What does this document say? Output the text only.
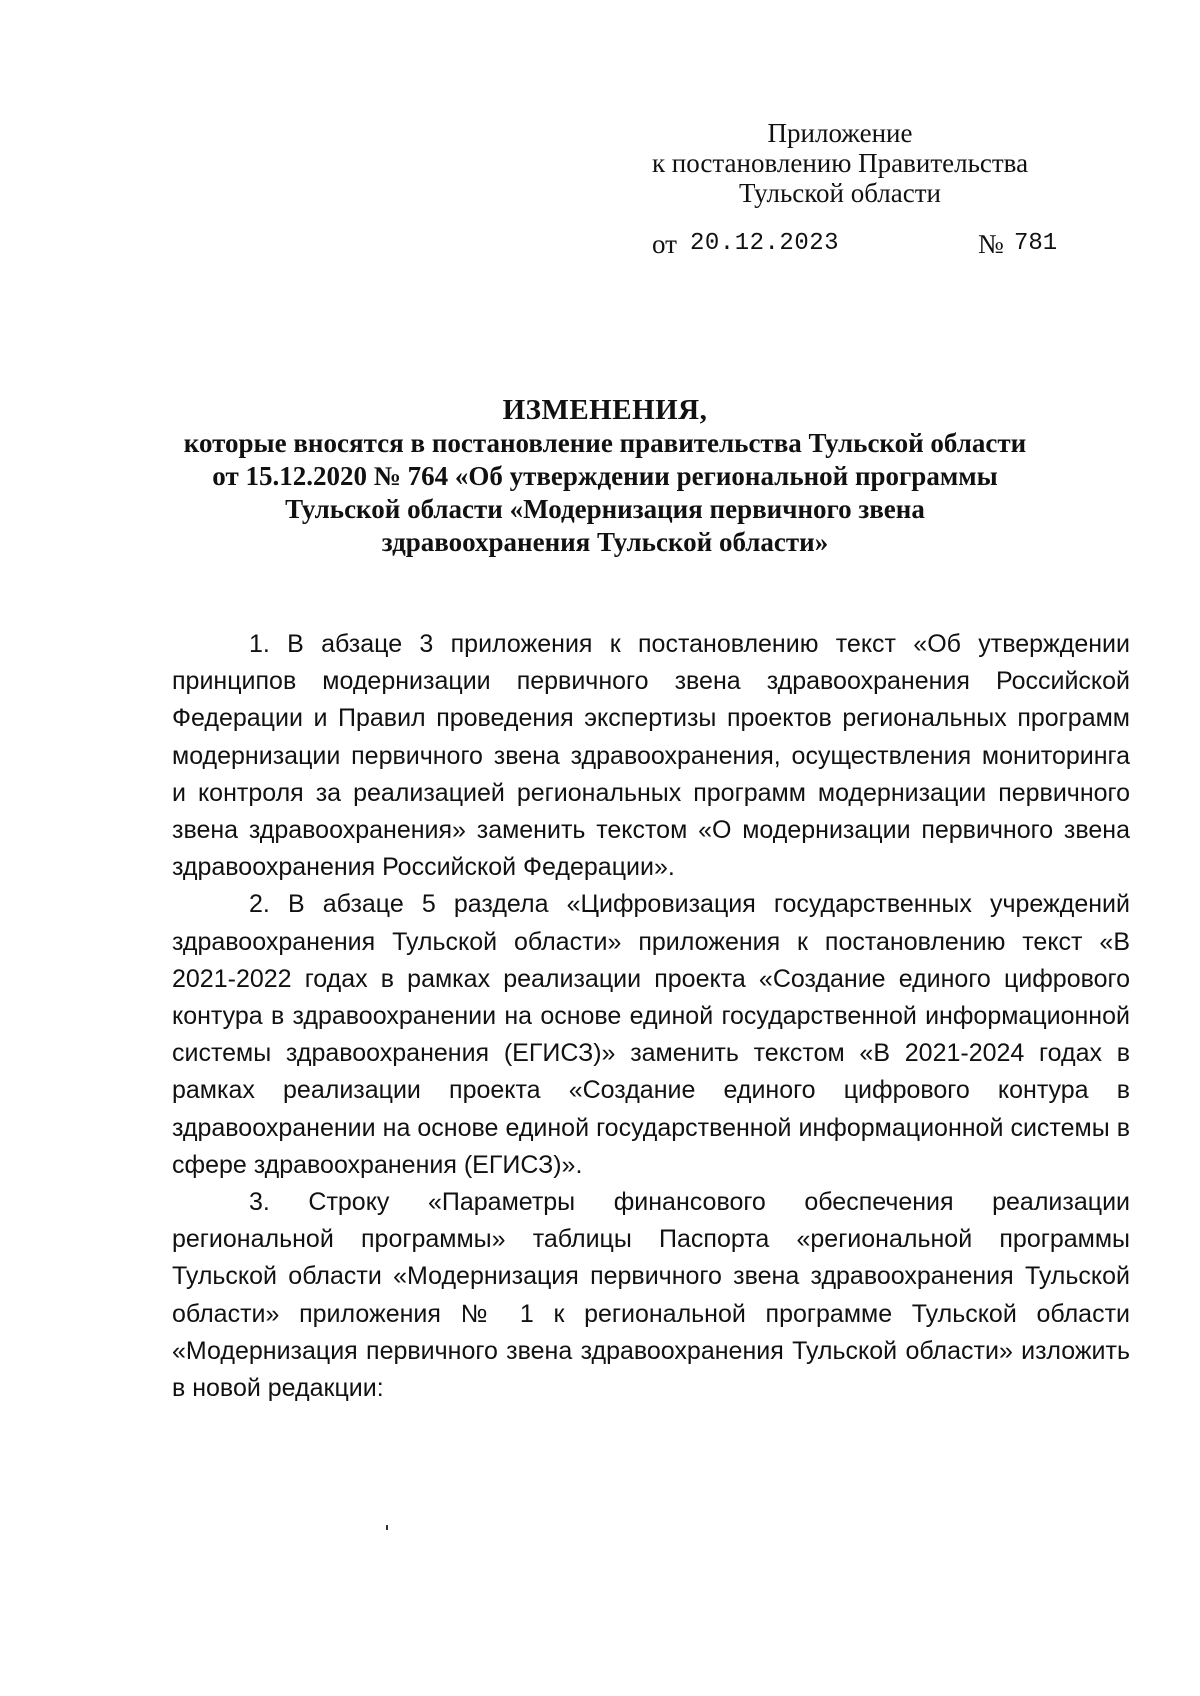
Приложение
к постановлению Правительства
Тульской области
от 20.12.2023	№ 781
ИЗМЕНЕНИЯ,
которые вносятся в постановление правительства Тульской области
от 15.12.2020 № 764 «Об утверждении региональной программы
Тульской области «Модернизация первичного звена
здравоохранения Тульской области»

1. В абзаце 3 приложения к постановлению текст «Об утверждении принципов модернизации первичного звена здравоохранения Российской Федерации и Правил проведения экспертизы проектов региональных программ модернизации первичного звена здравоохранения, осуществления мониторинга и контроля за реализацией региональных программ модернизации первичного звена здравоохранения» заменить текстом «О модернизации первичного звена здравоохранения Российской Федерации».

2. В абзаце 5 раздела «Цифровизация государственных учреждений здравоохранения Тульской области» приложения к постановлению текст «В 2021-2022 годах в рамках реализации проекта «Создание единого цифрового контура в здравоохранении на основе единой государственной информационной системы здравоохранения (ЕГИСЗ)» заменить текстом «В 2021-2024 годах в рамках реализации проекта «Создание единого цифрового контура в здравоохранении на основе единой государственной информационной системы в сфере здравоохранения (ЕГИСЗ)».

3. Строку «Параметры финансового обеспечения реализации региональной программы» таблицы Паспорта «региональной программы Тульской области «Модернизация первичного звена здравоохранения Тульской области» приложения № 1 к региональной программе Тульской области «Модернизация первичного звена здравоохранения Тульской области» изложить в новой редакции:
